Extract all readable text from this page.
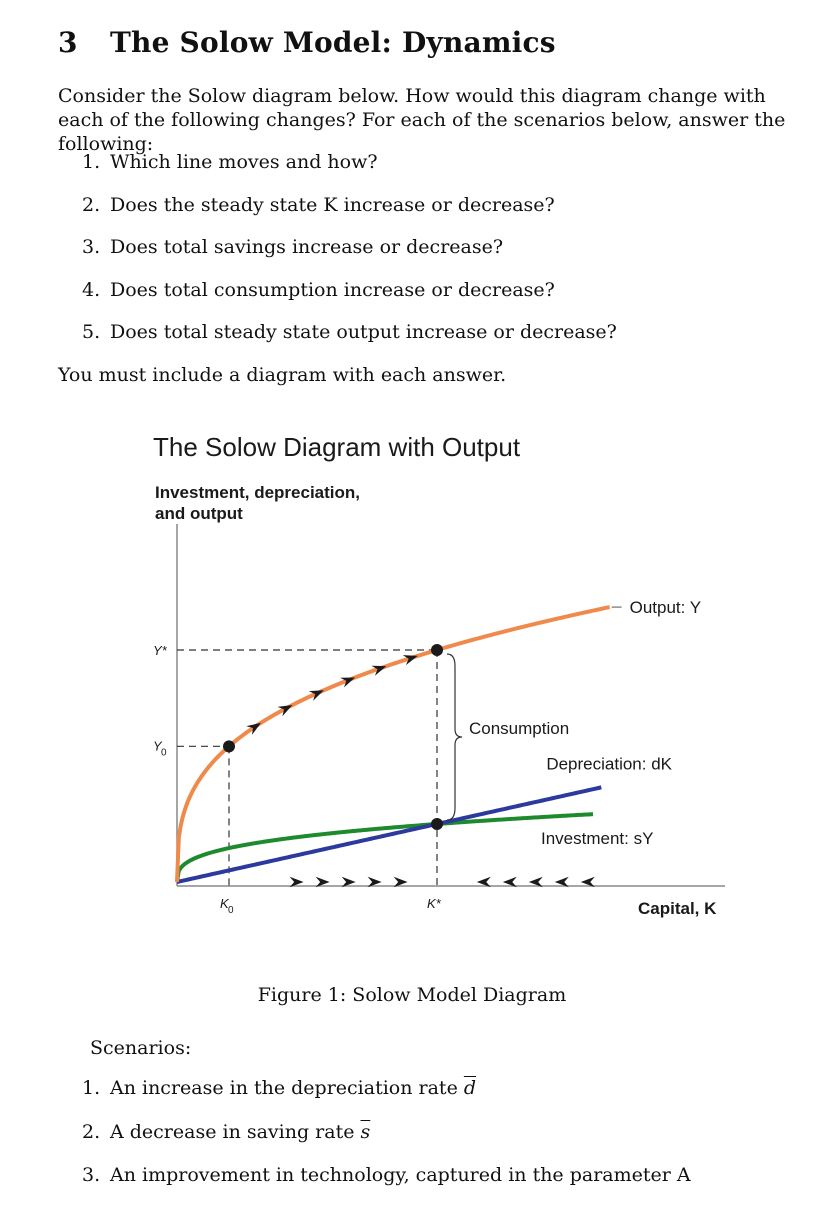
3 The Solow Model: Dynamics

Consider the Solow diagram below. How would this diagram change with each of the following changes? For each of the scenarios below, answer the following:

1. Which line moves and how?
2. Does the steady state K increase or decrease?
3. Does total savings increase or decrease?
4. Does total consumption increase or decrease?
5. Does total steady state output increase or decrease?

You must include a diagram with each answer.

The Solow Diagram with Output
Investment, depreciation,
and output
Capital, K
Output: Y
Depreciation: dK
Investment: sY
Consumption
K 0	K*
Y*
Y 0
Figure 1: Solow Model Diagram

Scenarios:

1. An increase in the depreciation rate $\overline{d}$
2. A decrease in saving rate $\overline{s}$
3. An improvement in technology, captured in the parameter A
